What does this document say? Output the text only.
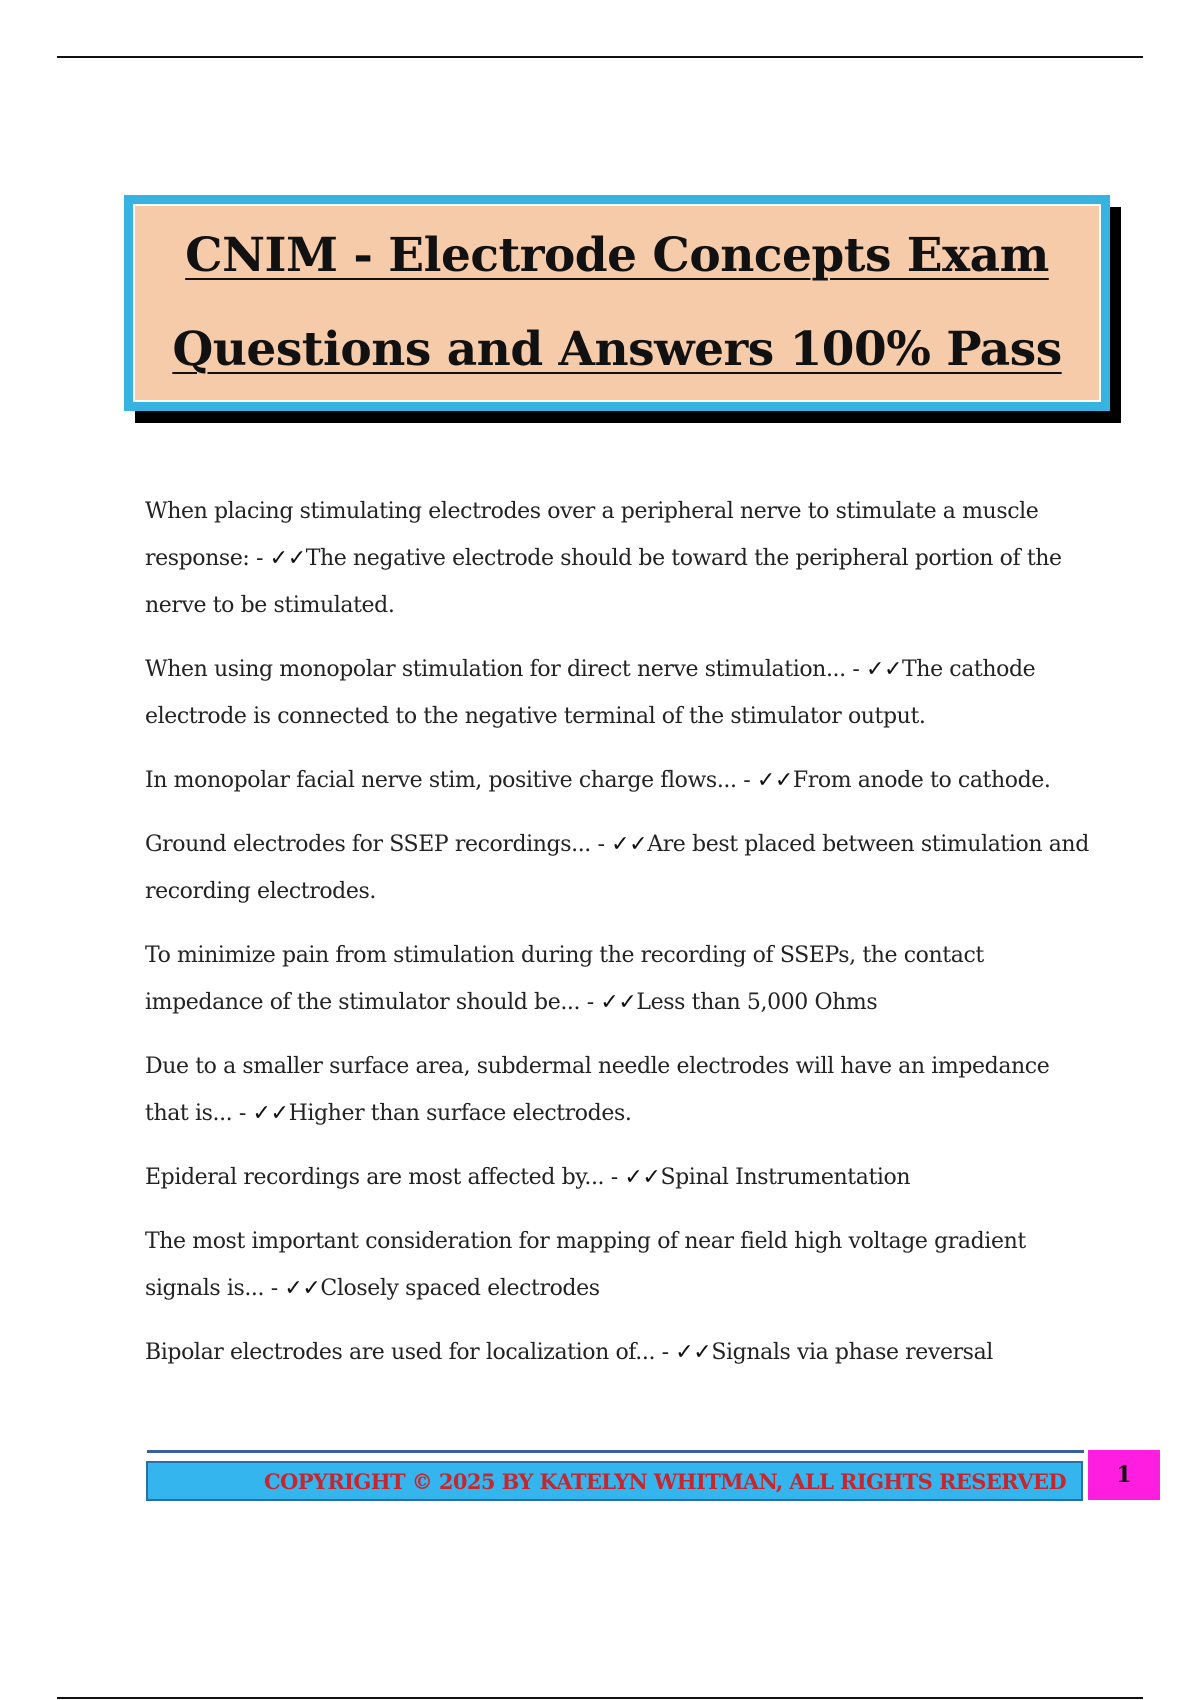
CNIM - Electrode Concepts Exam
Questions and Answers 100% Pass

When placing stimulating electrodes over a peripheral nerve to stimulate a muscle response: - ✓✓The negative electrode should be toward the peripheral portion of the nerve to be stimulated.

When using monopolar stimulation for direct nerve stimulation... - ✓✓The cathode electrode is connected to the negative terminal of the stimulator output.

In monopolar facial nerve stim, positive charge flows... - ✓✓From anode to cathode.

Ground electrodes for SSEP recordings... - ✓✓Are best placed between stimulation and recording electrodes.

To minimize pain from stimulation during the recording of SSEPs, the contact impedance of the stimulator should be... - ✓✓Less than 5,000 Ohms

Due to a smaller surface area, subdermal needle electrodes will have an impedance that is... - ✓✓Higher than surface electrodes.

Epideral recordings are most affected by... - ✓✓Spinal Instrumentation

The most important consideration for mapping of near field high voltage gradient signals is... - ✓✓Closely spaced electrodes

Bipolar electrodes are used for localization of... - ✓✓Signals via phase reversal

COPYRIGHT © 2025 BY KATELYN WHITMAN, ALL RIGHTS RESERVED 1
